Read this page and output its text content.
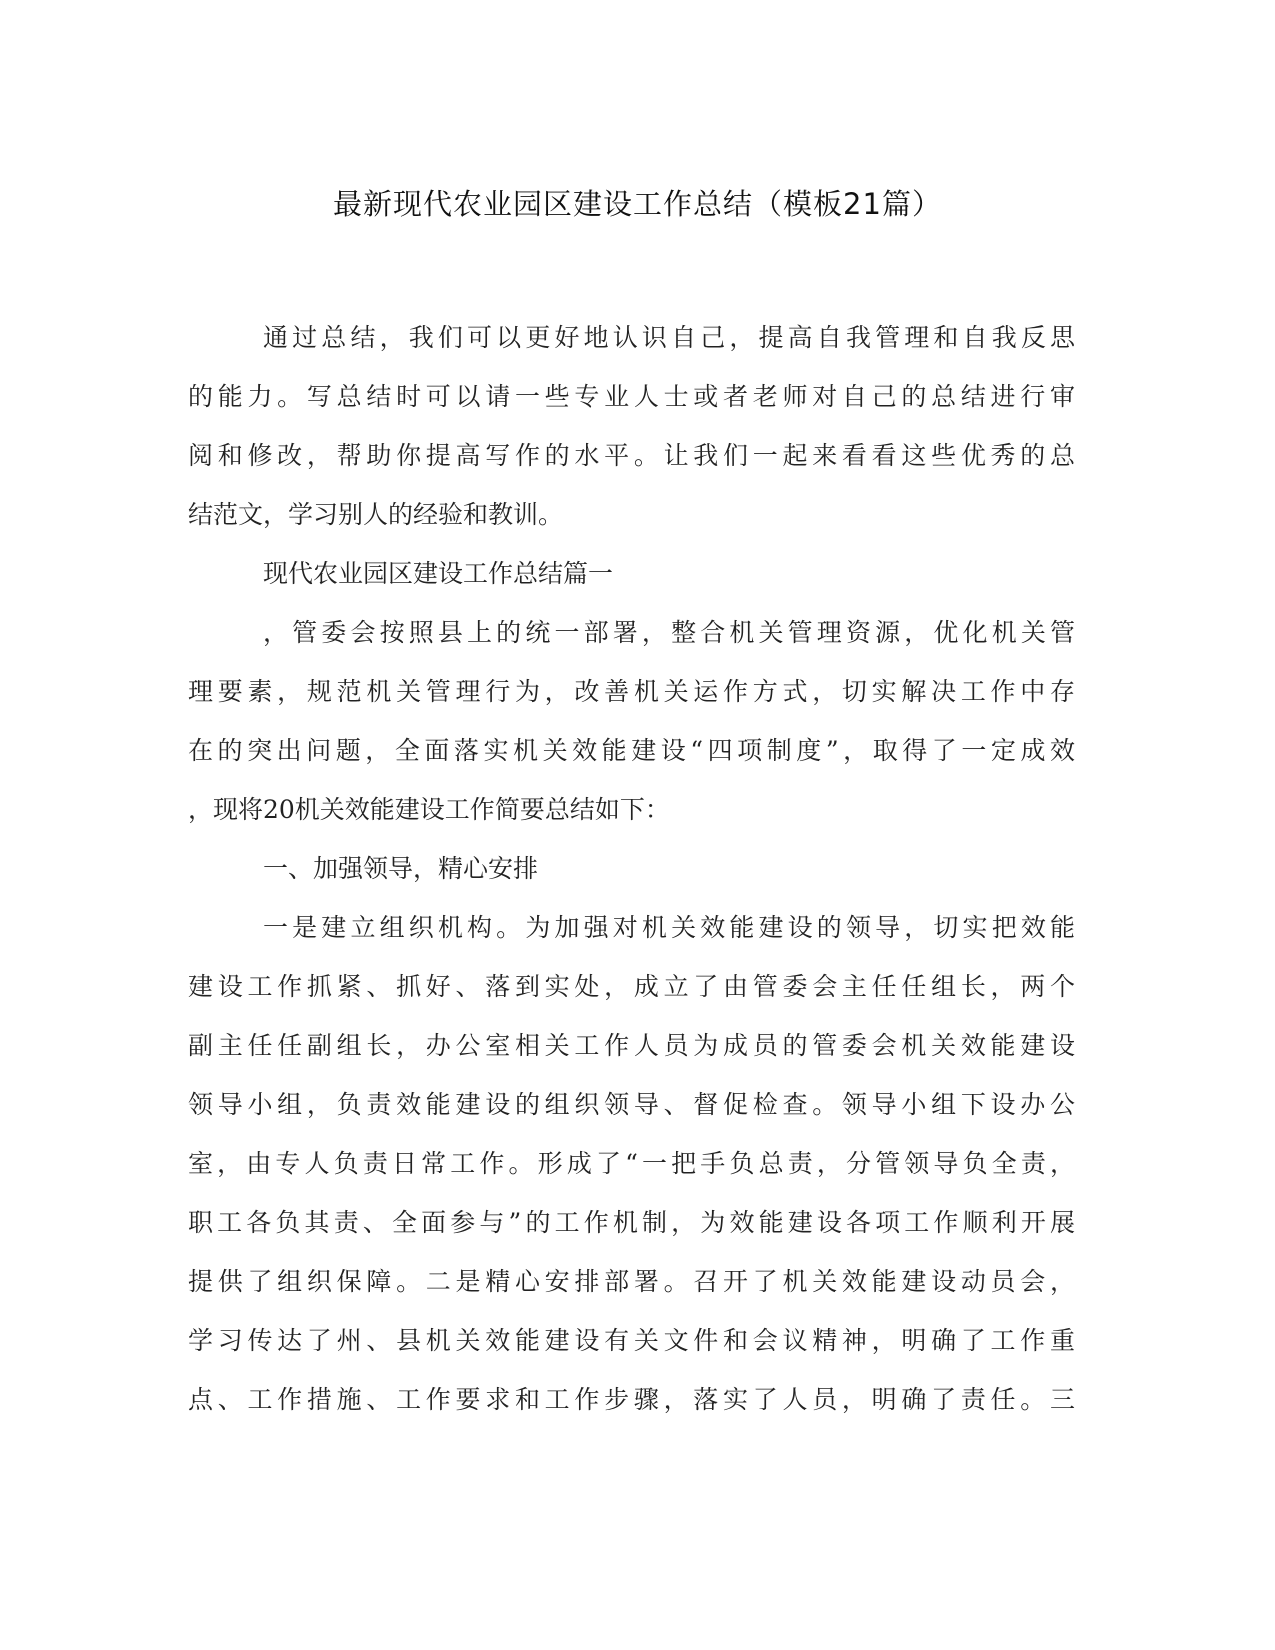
最新现代农业园区建设工作总结（模板21篇）
通过总结，我们可以更好地认识自己，提高自我管理和自我反思
的能力。写总结时可以请一些专业人士或者老师对自己的总结进行审
阅和修改，帮助你提高写作的水平。让我们一起来看看这些优秀的总
结范文，学习别人的经验和教训。
现代农业园区建设工作总结篇一
，管委会按照县上的统一部署，整合机关管理资源，优化机关管
理要素，规范机关管理行为，改善机关运作方式，切实解决工作中存
在的突出问题，全面落实机关效能建设“四项制度”，取得了一定成效
，现将20机关效能建设工作简要总结如下：
一、加强领导，精心安排
一是建立组织机构。为加强对机关效能建设的领导，切实把效能
建设工作抓紧、抓好、落到实处，成立了由管委会主任任组长，两个
副主任任副组长，办公室相关工作人员为成员的管委会机关效能建设
领导小组，负责效能建设的组织领导、督促检查。领导小组下设办公
室，由专人负责日常工作。形成了“一把手负总责，分管领导负全责，
职工各负其责、全面参与”的工作机制，为效能建设各项工作顺利开展
提供了组织保障。二是精心安排部署。召开了机关效能建设动员会，
学习传达了州、县机关效能建设有关文件和会议精神，明确了工作重
点、工作措施、工作要求和工作步骤，落实了人员，明确了责任。三
